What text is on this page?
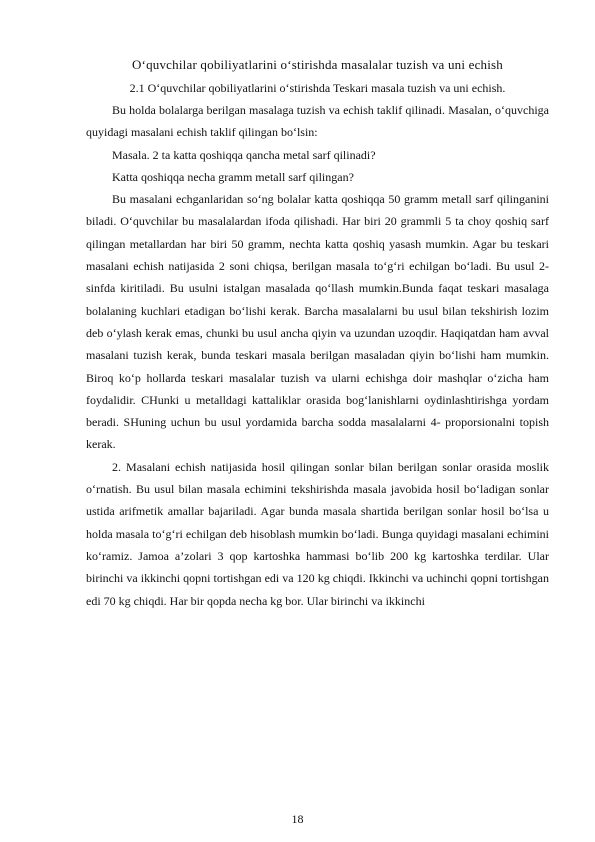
O‘quvchilar qobiliyatlarini o‘stirishda masalalar tuzish va uni echish

2.1 O‘quvchilar qobiliyatlarini o‘stirishda Teskari masala tuzish va uni echish.

Bu holda bolalarga berilgan masalaga tuzish va echish taklif qilinadi. Masalan, o‘quvchiga quyidagi masalani echish taklif qilingan bo‘lsin:

Masala. 2 ta katta qoshiqqa qancha metal sarf qilinadi?

Katta qoshiqqa necha gramm metall sarf qilingan?

Bu masalani echganlaridan so‘ng bolalar katta qoshiqqa 50 gramm metall sarf qilinganini biladi. O‘quvchilar bu masalalardan ifoda qilishadi. Har biri 20 grammli 5 ta choy qoshiq sarf qilingan metallardan har biri 50 gramm, nechta katta qoshiq yasash mumkin. Agar bu teskari masalani echish natijasida 2 soni chiqsa, berilgan masala to‘g‘ri echilgan bo‘ladi. Bu usul 2- sinfda kiritiladi. Bu usulni istalgan masalada qo‘llash mumkin.Bunda faqat teskari masalaga bolalaning kuchlari etadigan bo‘lishi kerak. Barcha masalalarni bu usul bilan tekshirish lozim deb o‘ylash kerak emas, chunki bu usul ancha qiyin va uzundan uzoqdir. Haqiqatdan ham avval masalani tuzish kerak, bunda teskari masala berilgan masaladan qiyin bo‘lishi ham mumkin. Biroq ko‘p hollarda teskari masalalar tuzish va ularni echishga doir mashqlar o‘zicha ham foydalidir. CHunki u metalldagi kattaliklar orasida bog‘lanishlarni oydinlashtirishga yordam beradi. SHuning uchun bu usul yordamida barcha sodda masalalarni 4- proporsionalni topish kerak.

2. Masalani echish natijasida hosil qilingan sonlar bilan berilgan sonlar orasida moslik o‘rnatish. Bu usul bilan masala echimini tekshirishda masala javobida hosil bo‘ladigan sonlar ustida arifmetik amallar bajariladi. Agar bunda masala shartida berilgan sonlar hosil bo‘lsa u holda masala to‘g‘ri echilgan deb hisoblash mumkin bo‘ladi. Bunga quyidagi masalani echimini ko‘ramiz. Jamoa a’zolari 3 qop kartoshka hammasi bo‘lib 200 kg kartoshka terdilar. Ular birinchi va ikkinchi qopni tortishgan edi va 120 kg chiqdi. Ikkinchi va uchinchi qopni tortishgan edi 70 kg chiqdi. Har bir qopda necha kg bor. Ular birinchi va ikkinchi

18
